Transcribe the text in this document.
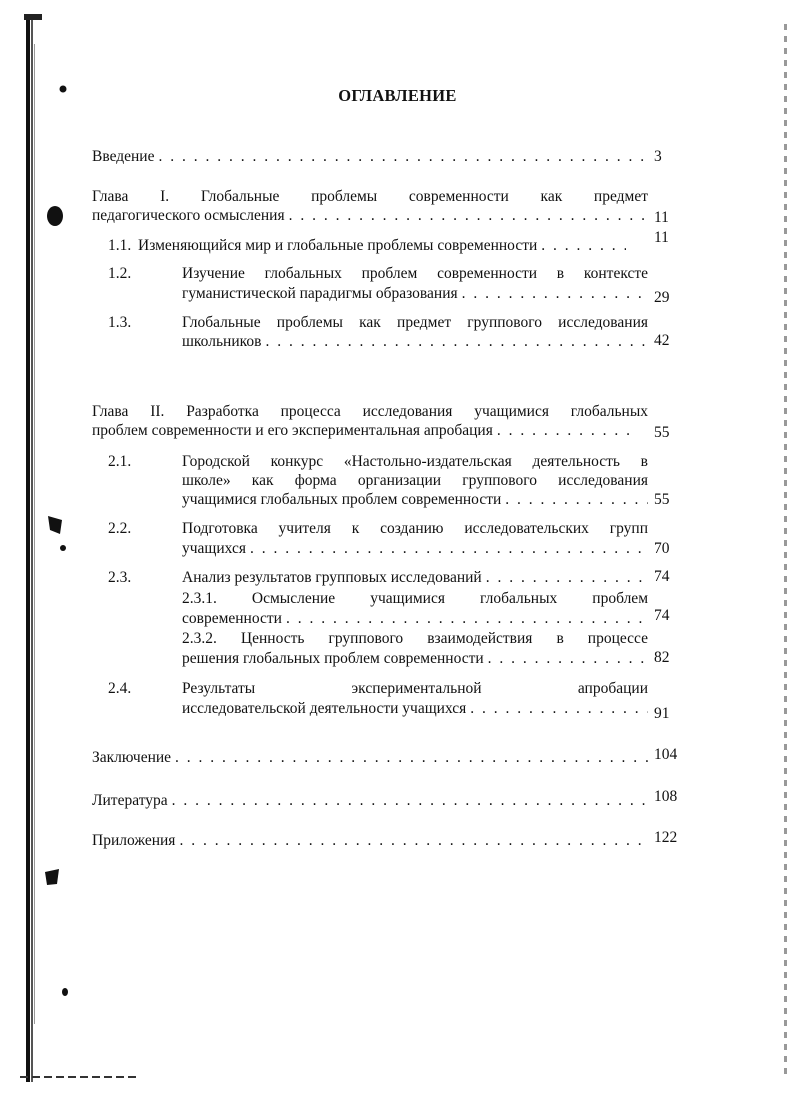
ОГЛАВЛЕНИЕ
Введение . . .	3
Глава I. Глобальные проблемы современности как предмет
педагогического осмысления . . .	11
1.1. Изменяющийся мир и глобальные проблемы современности . . .	11
1.2.	Изучение глобальных проблем современности в контексте
гуманистической парадигмы образования . . .	29
1.3.	Глобальные проблемы как предмет группового исследования
школьников . . .	42
Глава II. Разработка процесса исследования учащимися глобальных
проблем современности и его экспериментальная апробация . . .	55
2.1.	Городской конкурс «Настольно-издательская деятельность в
школе» как форма организации группового исследования
учащимися глобальных проблем современности . . .	55
2.2.	Подготовка учителя к созданию исследовательских групп
учащихся . . .	70
2.3.	Анализ результатов групповых исследований . . .	74
2.3.1. Осмысление учащимися глобальных проблем
современности . . .	74
2.3.2. Ценность группового взаимодействия в процессе
решения глобальных проблем современности . . .	82
2.4.	Результаты экспериментальной апробации
исследовательской деятельности учащихся . . .	91
Заключение . . .	104
Литература . . .	108
Приложения . . .	122
